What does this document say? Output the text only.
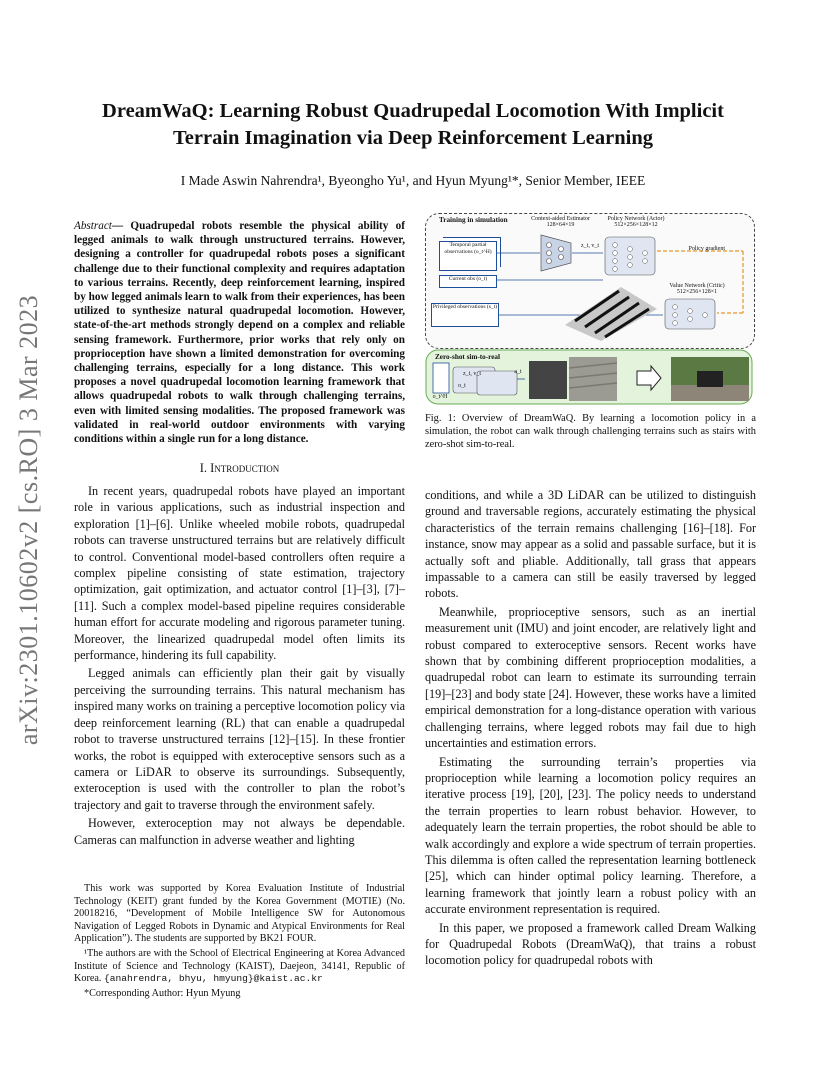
arXiv:2301.10602v2 [cs.RO] 3 Mar 2023
DreamWaQ: Learning Robust Quadrupedal Locomotion With Implicit
Terrain Imagination via Deep Reinforcement Learning
I Made Aswin Nahrendra¹, Byeongho Yu¹, and Hyun Myung¹*, Senior Member, IEEE
Abstract— Quadrupedal robots resemble the physical ability of legged animals to walk through unstructured terrains. However, designing a controller for quadrupedal robots poses a significant challenge due to their functional complexity and requires adaptation to various terrains. Recently, deep reinforcement learning, inspired by how legged animals learn to walk from their experiences, has been utilized to synthesize natural quadrupedal locomotion. However, state-of-the-art methods strongly depend on a complex and reliable sensing framework. Furthermore, prior works that rely only on proprioception have shown a limited demonstration for overcoming challenging terrains, especially for a long distance. This work proposes a novel quadrupedal locomotion learning framework that allows quadrupedal robots to walk through challenging terrains, even with limited sensing modalities. The proposed framework was validated in real-world outdoor environments with varying conditions within a single run for a long distance.
I. Introduction

In recent years, quadrupedal robots have played an important role in various applications, such as industrial inspection and exploration [1]–[6]. Unlike wheeled mobile robots, quadrupedal robots can traverse unstructured terrains but are relatively difficult to control. Conventional model-based controllers often require a complex pipeline consisting of state estimation, trajectory optimization, gait optimization, and actuator control [1]–[3], [7]–[11]. Such a complex model-based pipeline requires considerable human effort for accurate modeling and rigorous parameter tuning. Moreover, the linearized quadrupedal model often limits its performance, hindering its full capability.

Legged animals can efficiently plan their gait by visually perceiving the surrounding terrains. This natural mechanism has inspired many works on training a perceptive locomotion policy via deep reinforcement learning (RL) that can enable a quadrupedal robot to traverse unstructured terrains [12]–[15]. In these frontier works, the robot is equipped with exteroceptive sensors such as a camera or LiDAR to observe its surroundings. Subsequently, exteroception is used with the controller to plan the robot’s trajectory and gait to traverse through the environment safely.

However, exteroception may not always be dependable. Cameras can malfunction in adverse weather and lighting

This work was supported by Korea Evaluation Institute of Industrial Technology (KEIT) grant funded by the Korea Government (MOTIE) (No. 20018216, “Development of Mobile Intelligence SW for Autonomous Navigation of Legged Robots in Dynamic and Atypical Environments for Real Application”). The students are supported by BK21 FOUR.

¹The authors are with the School of Electrical Engineering at Korea Advanced Institute of Science and Technology (KAIST), Daejeon, 34141, Republic of Korea. {anahrendra, bhyu, hmyung}@kaist.ac.kr

*Corresponding Author: Hyun Myung

conditions, and while a 3D LiDAR can be utilized to distinguish ground and traversable regions, accurately estimating the physical characteristics of the terrain remains challenging [16]–[18]. For instance, snow may appear as a solid and passable surface, but it is actually soft and pliable. Additionally, tall grass that appears impassable to a camera can still be easily traversed by legged robots.

Meanwhile, proprioceptive sensors, such as an inertial measurement unit (IMU) and joint encoder, are relatively light and robust compared to exteroceptive sensors. Recent works have shown that by combining different proprioception modalities, a quadrupedal robot can learn to estimate its surrounding terrain [19]–[23] and body state [24]. However, these works have a limited empirical demonstration for a long-distance operation with various challenging terrains, where legged robots may fail due to high uncertainties and estimation errors.

Estimating the surrounding terrain’s properties via proprioception while learning a locomotion policy requires an iterative process [19], [20], [23]. The policy needs to understand the terrain properties to learn robust behavior. However, to adequately learn the terrain properties, the robot should be able to walk accordingly and explore a wide spectrum of terrain properties. This dilemma is often called the representation learning bottleneck [25], which can hinder optimal policy learning. Therefore, a learning framework that jointly learn a robust policy with an accurate environment representation is required.

In this paper, we proposed a framework called Dream Walking for Quadrupedal Robots (DreamWaQ), that trains a robust locomotion policy for quadrupedal robots with

Training in simulation	Context-aided Estimator
128×64×19
Policy Network (Actor)
512×256×128×12
Temporal partial observations (o_t^H)
Current obs (o_t)
Privileged observations (s_t)
Policy gradient
Value Network (Critic)
512×256×128×1
Zero-shot sim-to-real
z_t, v_t
z_t, v_t
o_t
a_t
o_t^H
Fig. 1: Overview of DreamWaQ. By learning a locomotion policy in a simulation, the robot can walk through challenging terrains such as stairs with zero-shot sim-to-real.
